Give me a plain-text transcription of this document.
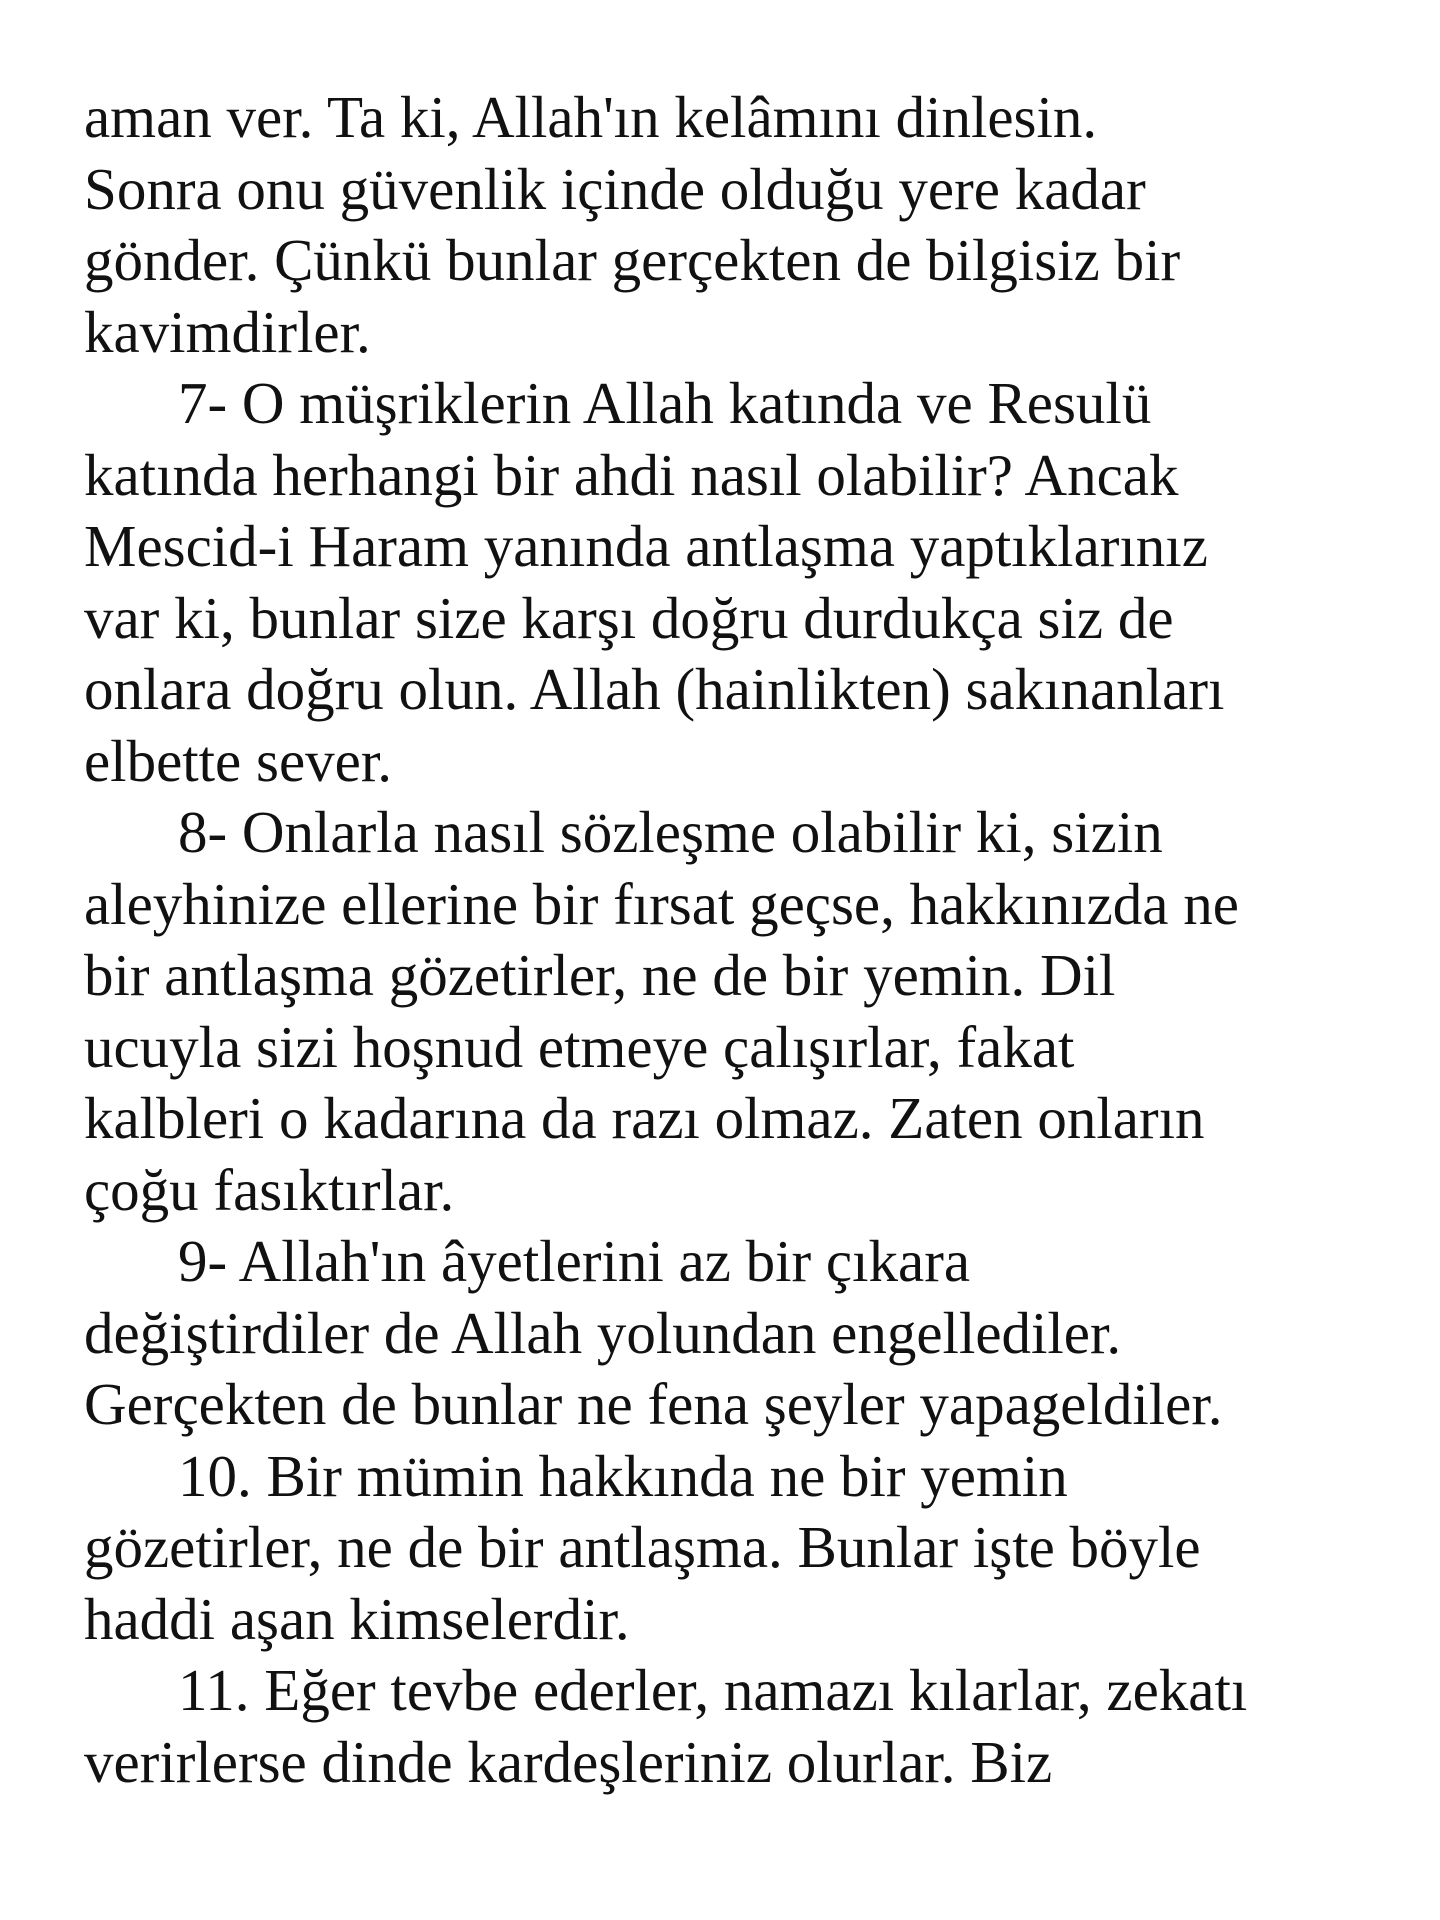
aman ver. Ta ki, Allah'ın kelâmını dinlesin.
Sonra onu güvenlik içinde olduğu yere kadar
gönder. Çünkü bunlar gerçekten de bilgisiz bir
kavimdirler.
7- O müşriklerin Allah katında ve Resulü
katında herhangi bir ahdi nasıl olabilir? Ancak
Mescid-i Haram yanında antlaşma yaptıklarınız
var ki, bunlar size karşı doğru durdukça siz de
onlara doğru olun. Allah (hainlikten) sakınanları
elbette sever.
8- Onlarla nasıl sözleşme olabilir ki, sizin
aleyhinize ellerine bir fırsat geçse, hakkınızda ne
bir antlaşma gözetirler, ne de bir yemin. Dil
ucuyla sizi hoşnud etmeye çalışırlar, fakat
kalbleri o kadarına da razı olmaz. Zaten onların
çoğu fasıktırlar.
9- Allah'ın âyetlerini az bir çıkara
değiştirdiler de Allah yolundan engellediler.
Gerçekten de bunlar ne fena şeyler yapageldiler.
10. Bir mümin hakkında ne bir yemin
gözetirler, ne de bir antlaşma. Bunlar işte böyle
haddi aşan kimselerdir.
11. Eğer tevbe ederler, namazı kılarlar, zekatı
verirlerse dinde kardeşleriniz olurlar. Biz
